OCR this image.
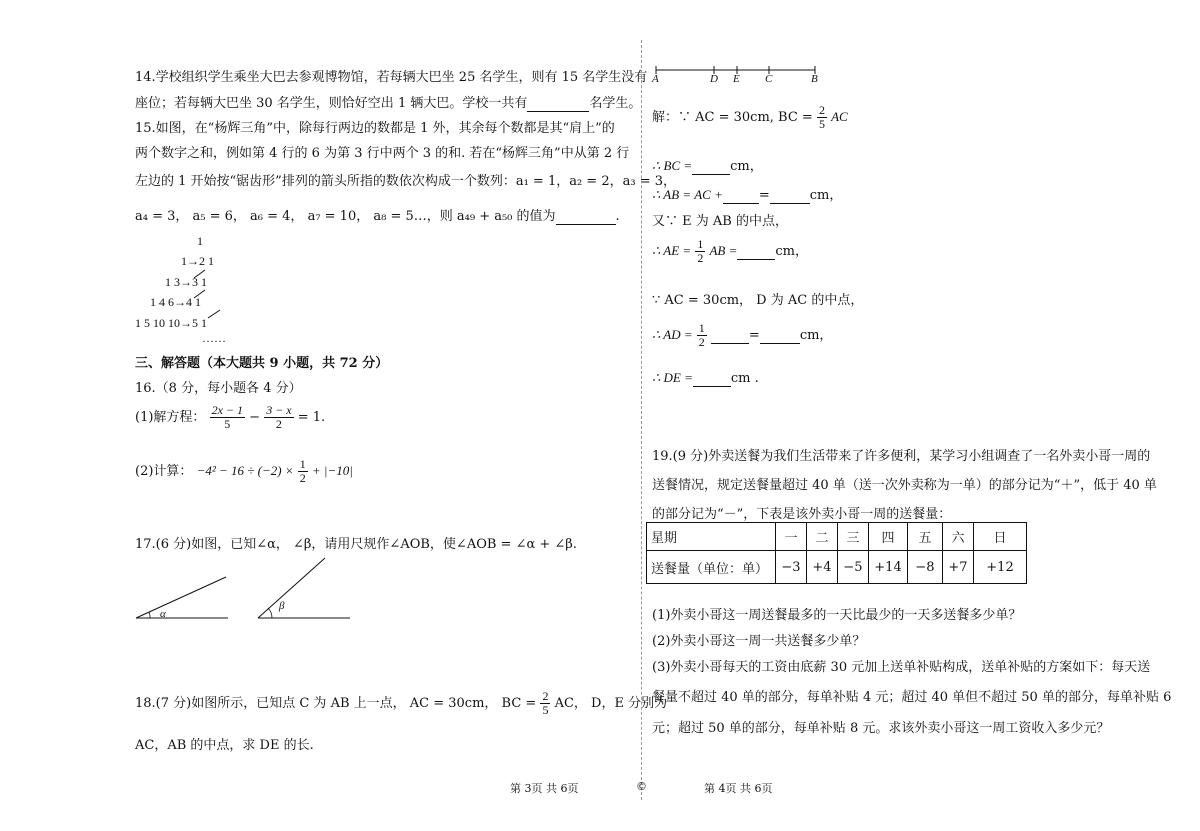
14.学校组织学生乘坐大巴去参观博物馆，若每辆大巴坐 25 名学生，则有 15 名学生没有
座位；若每辆大巴坐 30 名学生，则恰好空出 1 辆大巴。学校一共有	名学生。
15.如图，在“杨辉三角”中，除每行两边的数都是 1 外，其余每个数都是其“肩上”的
两个数字之和，例如第 4 行的 6 为第 3 行中两个 3 的和. 若在“杨辉三角”中从第 2 行
左边的 1 开始按“锯齿形”排列的箭头所指的数依次构成一个数列：a₁ = 1，a₂ = 2，a₃ = 3，
a₄ = 3， a₅ = 6， a₆ = 4， a₇ = 10， a₈ = 5…，则 a₄₉ + a₅₀ 的值为	.
1
1→2 1
1 3→3 1
1 4 6→4 1
1 5 10 10→5 1
……
三、解答题（本大题共 9 小题，共 72 分）
16.（8 分，每小题各 4 分）
(1)解方程： $\frac{2x - 1}{5} - \frac{3 - x}{2} = 1$.
(2)计算： $-4^2 - 16 \div (-2) \times \frac{1}{2} + |-10|$
17.(6 分)如图，已知∠α， ∠β，请用尺规作∠AOB，使∠AOB = ∠α + ∠β.
α
β
18.(7 分)如图所示，已知点 C 为 AB 上一点， AC = 30cm， BC = $\frac{2}{5}$ AC， D，E 分别为
AC，AB 的中点，求 DE 的长.
A	D E C	B
解：∵ AC = 30cm, BC = $\frac{2}{5}$ AC
∴ BC =	cm，
∴ AB = AC +	=	cm，
又∵ E 为 AB 的中点，
∴ AE = $\frac{1}{2}$ AB =	cm，
∵ AC = 30cm， D 为 AC 的中点，
∴ AD = $\frac{1}{2}$	=	cm，
∴ DE =	cm .
19.(9 分)外卖送餐为我们生活带来了许多便利，某学习小组调查了一名外卖小哥一周的
送餐情况，规定送餐量超过 40 单（送一次外卖称为一单）的部分记为“＋”，低于 40 单
的部分记为“－”，下表是该外卖小哥一周的送餐量：
星期	一	二	三	四	五	六	日
送餐量（单位：单）	−3	+4	−5	+14	−8	+7	+12
(1)外卖小哥这一周送餐最多的一天比最少的一天多送餐多少单？
(2)外卖小哥这一周一共送餐多少单？
(3)外卖小哥每天的工资由底薪 30 元加上送单补贴构成，送单补贴的方案如下：每天送
餐量不超过 40 单的部分，每单补贴 4 元；超过 40 单但不超过 50 单的部分，每单补贴 6
元；超过 50 单的部分，每单补贴 8 元。求该外卖小哥这一周工资收入多少元？
第 3页 共 6页	©	第 4页 共 6页
